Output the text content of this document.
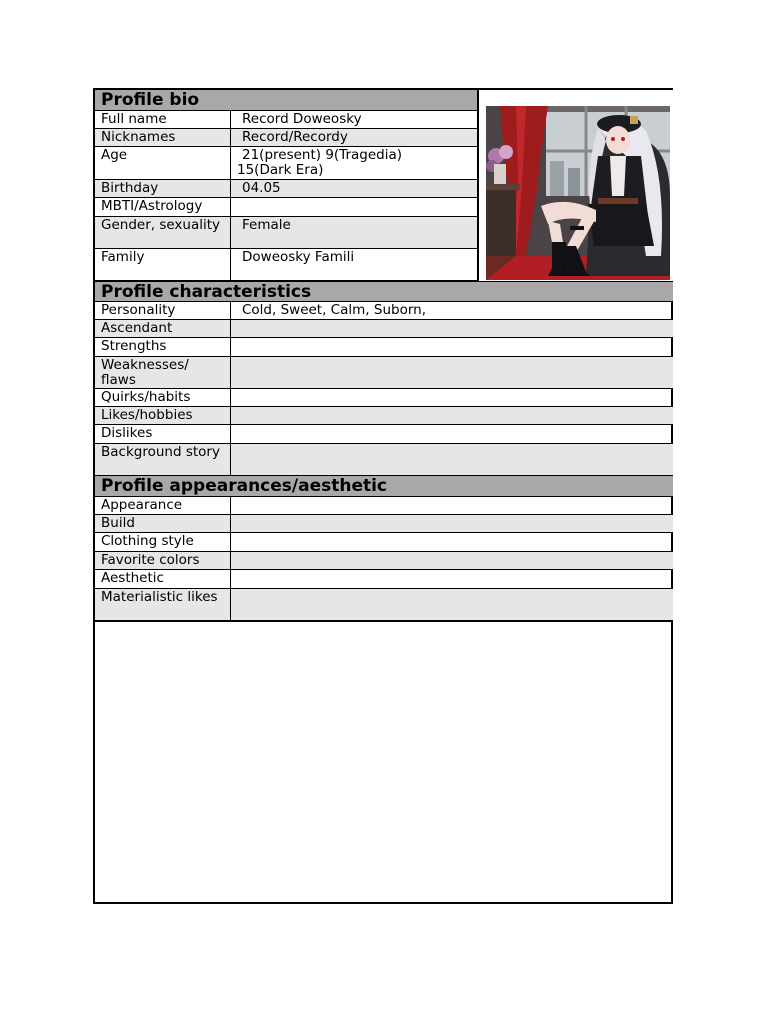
Profile bio
Full name	Record Doweosky
Nicknames	Record/Recordy
Age	21(present) 9(Tragedia)
15(Dark Era)
Birthday	04.05
MBTI/Astrology
Gender, sexuality	Female
Family	Doweosky Famili
Profile characteristics
Personality	Cold, Sweet, Calm, Suborn,
Ascendant
Strengths
Weaknesses/ flaws
Quirks/habits
Likes/hobbies
Dislikes
Background story
Profile appearances/aesthetic
Appearance
Build
Clothing style
Favorite colors
Aesthetic
Materialistic likes
